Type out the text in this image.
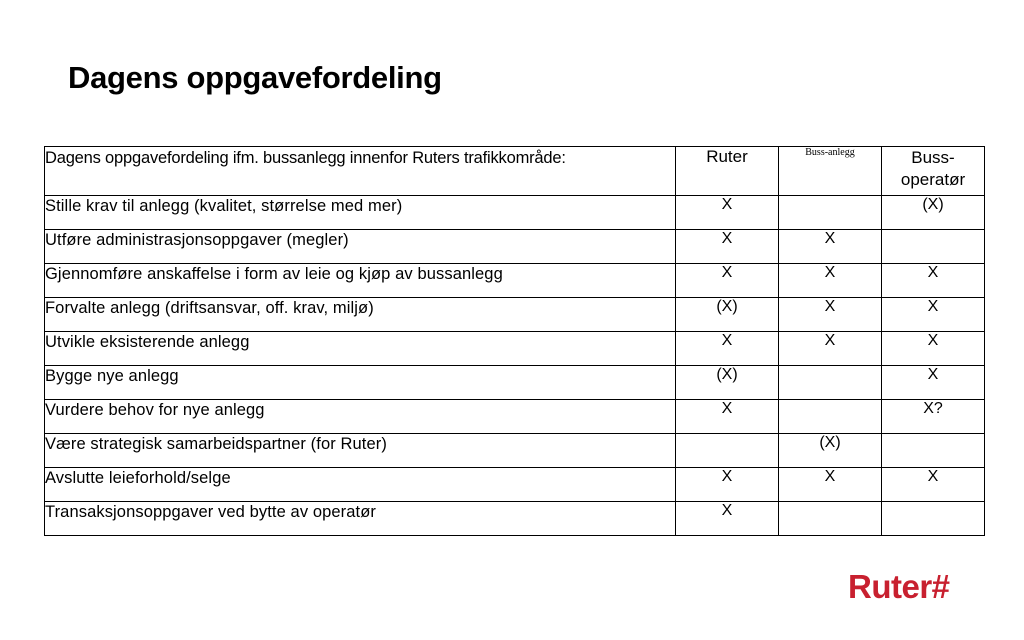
Dagens oppgavefordeling
Dagens oppgavefordeling ifm. bussanlegg innenfor Ruters trafikkområde:	Ruter	Buss-anlegg	Buss-
operatør
Stille krav til anlegg (kvalitet, størrelse med mer)	X		(X)
Utføre administrasjonsoppgaver (megler)	X	X	
Gjennomføre anskaffelse i form av leie og kjøp av bussanlegg	X	X	X
Forvalte anlegg (driftsansvar, off. krav, miljø)	(X)	X	X
Utvikle eksisterende anlegg	X	X	X
Bygge nye anlegg	(X)		X
Vurdere behov for nye anlegg	X		X?
Være strategisk samarbeidspartner (for Ruter)		(X)	
Avslutte leieforhold/selge	X	X	X
Transaksjonsoppgaver ved bytte av operatør	X		
Ruter#
